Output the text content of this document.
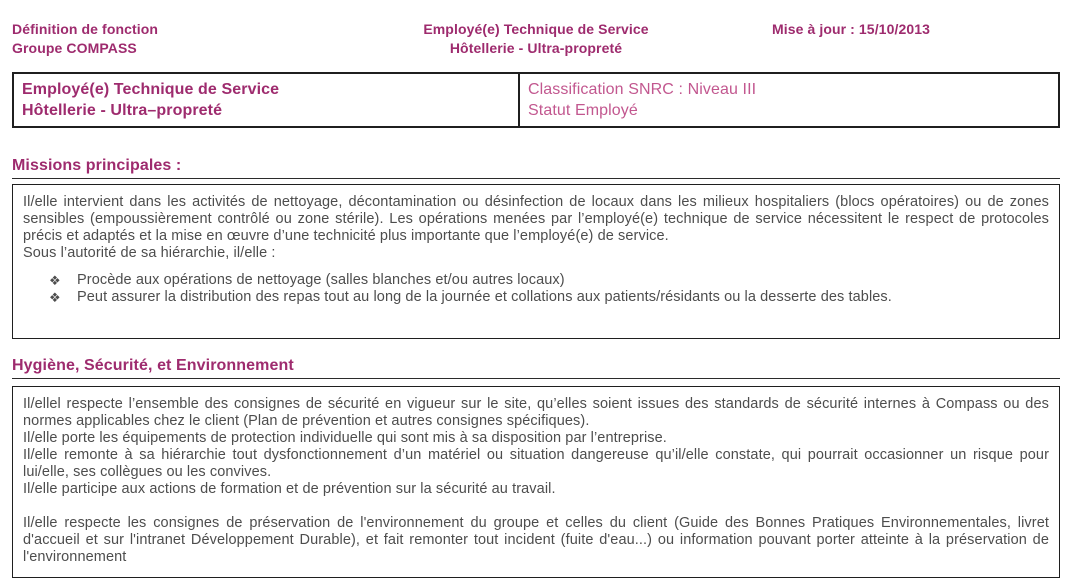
Définition de fonction
Groupe COMPASS
Employé(e) Technique de Service
Hôtellerie - Ultra-propreté
Mise à jour : 15/10/2013
Employé(e) Technique de Service
Hôtellerie - Ultra–propreté
Classification SNRC : Niveau III
Statut Employé
Missions principales :

Il/elle intervient dans les activités de nettoyage, décontamination ou désinfection de locaux dans les milieux hospitaliers (blocs opératoires) ou de zones sensibles (empoussièrement contrôlé ou zone stérile). Les opérations menées par l’employé(e) technique de service nécessitent le respect de protocoles précis et adaptés et la mise en œuvre d’une technicité plus importante que l’employé(e) de service.

Sous l’autorité de sa hiérarchie, il/elle :

❖ Procède aux opérations de nettoyage (salles blanches et/ou autres locaux)
❖ Peut assurer la distribution des repas tout au long de la journée et collations aux patients/résidants ou la desserte des tables.
Hygiène, Sécurité, et Environnement

Il/ellel respecte l’ensemble des consignes de sécurité en vigueur sur le site, qu’elles soient issues des standards de sécurité internes à Compass ou des normes applicables chez le client (Plan de prévention et autres consignes spécifiques).

Il/elle porte les équipements de protection individuelle qui sont mis à sa disposition par l’entreprise.

Il/elle remonte à sa hiérarchie tout dysfonctionnement d’un matériel ou situation dangereuse qu’il/elle constate, qui pourrait occasionner un risque pour lui/elle, ses collègues ou les convives.

Il/elle participe aux actions de formation et de prévention sur la sécurité au travail.

Il/elle respecte les consignes de préservation de l'environnement du groupe et celles du client (Guide des Bonnes Pratiques Environnementales, livret d'accueil et sur l'intranet Développement Durable), et fait remonter tout incident (fuite d'eau...) ou information pouvant porter atteinte à la préservation de l'environnement
